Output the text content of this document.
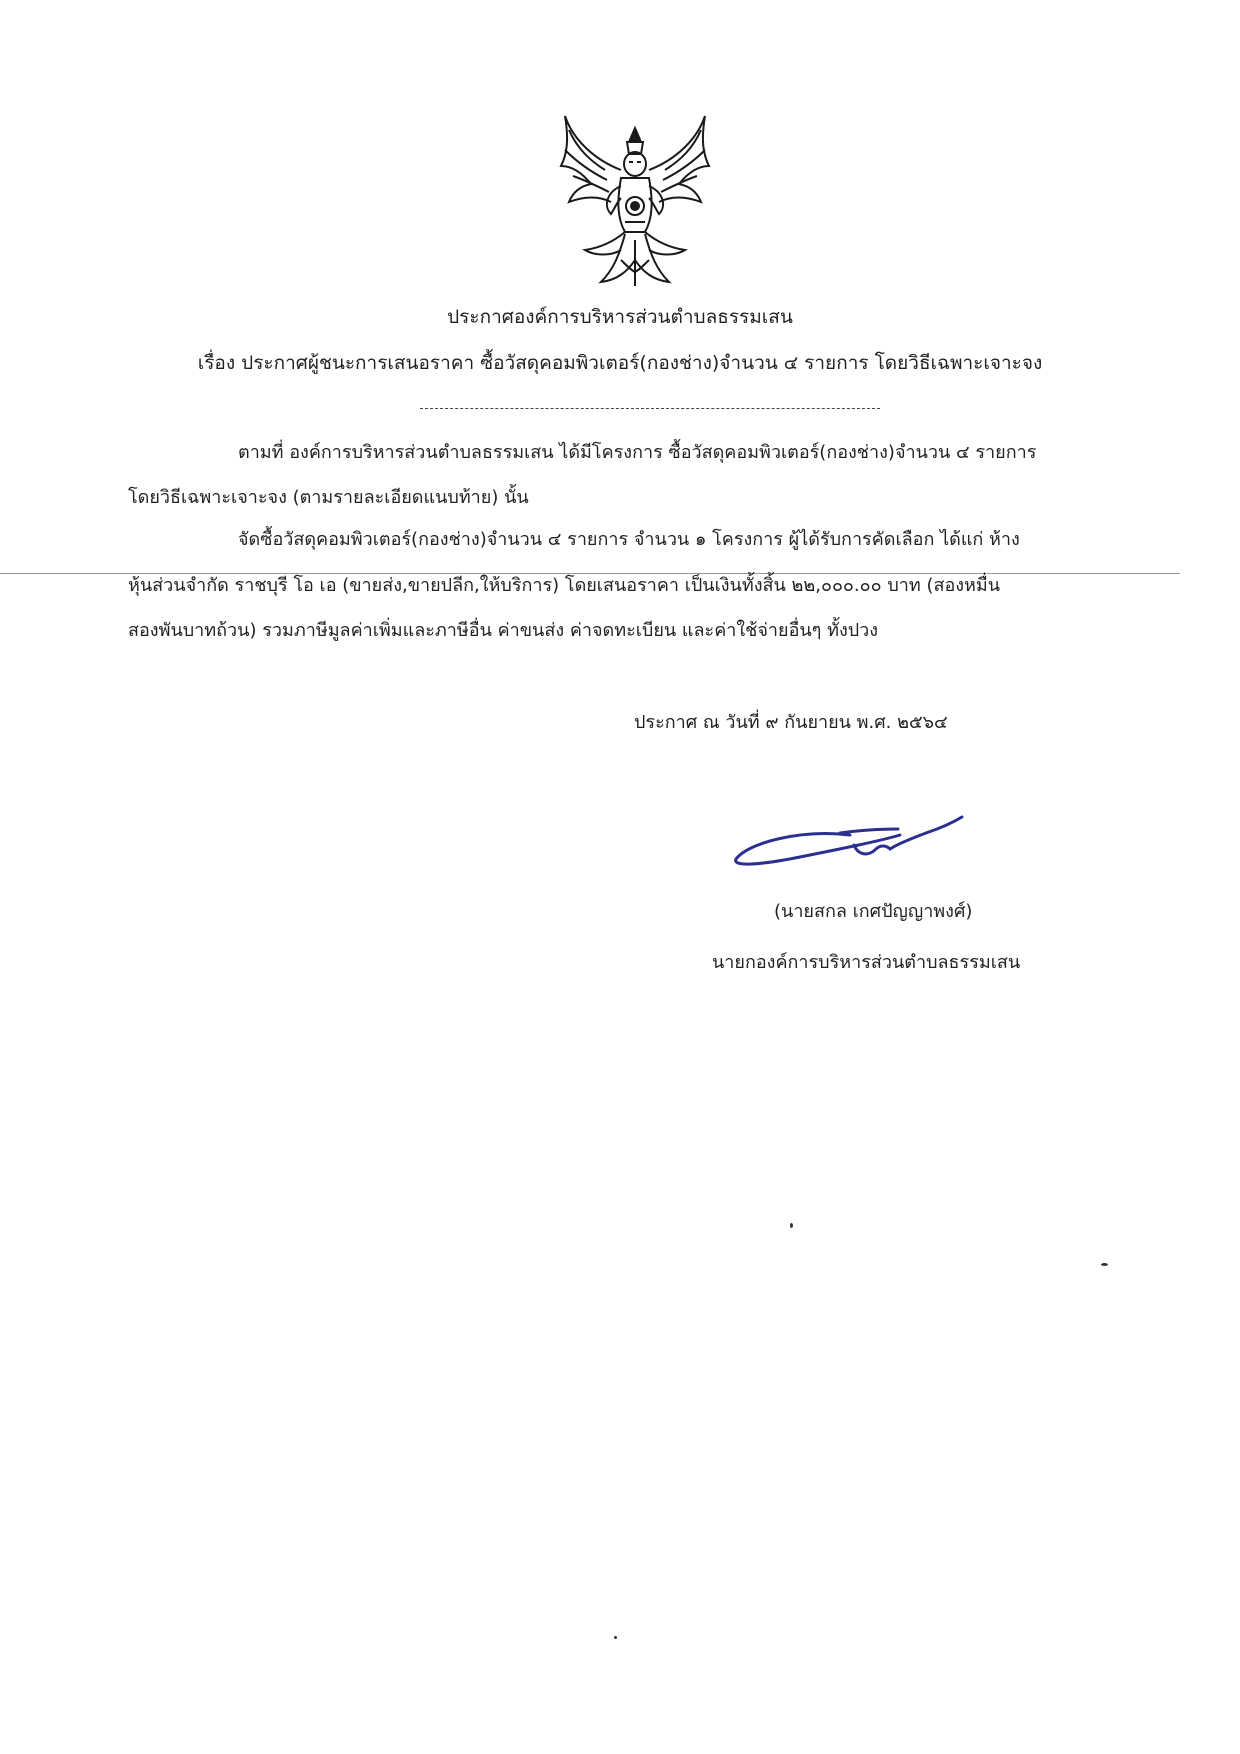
ประกาศองค์การบริหารส่วนตำบลธรรมเสน
เรื่อง ประกาศผู้ชนะการเสนอราคา ซื้อวัสดุคอมพิวเตอร์(กองช่าง)จำนวน ๔ รายการ โดยวิธีเฉพาะเจาะจง
ตามที่ องค์การบริหารส่วนตำบลธรรมเสน ได้มีโครงการ ซื้อวัสดุคอมพิวเตอร์(กองช่าง)จำนวน ๔ รายการ
โดยวิธีเฉพาะเจาะจง (ตามรายละเอียดแนบท้าย) นั้น
จัดซื้อวัสดุคอมพิวเตอร์(กองช่าง)จำนวน ๔ รายการ จำนวน ๑ โครงการ ผู้ได้รับการคัดเลือก ได้แก่ ห้าง
หุ้นส่วนจำกัด ราชบุรี โอ เอ (ขายส่ง,ขายปลีก,ให้บริการ) โดยเสนอราคา เป็นเงินทั้งสิ้น ๒๒,๐๐๐.๐๐ บาท (สองหมื่น
สองพันบาทถ้วน) รวมภาษีมูลค่าเพิ่มและภาษีอื่น ค่าขนส่ง ค่าจดทะเบียน และค่าใช้จ่ายอื่นๆ ทั้งปวง
ประกาศ ณ วันที่ ๙ กันยายน พ.ศ. ๒๕๖๔
(นายสกล เกศปัญญาพงศ์)
นายกองค์การบริหารส่วนตำบลธรรมเสน
